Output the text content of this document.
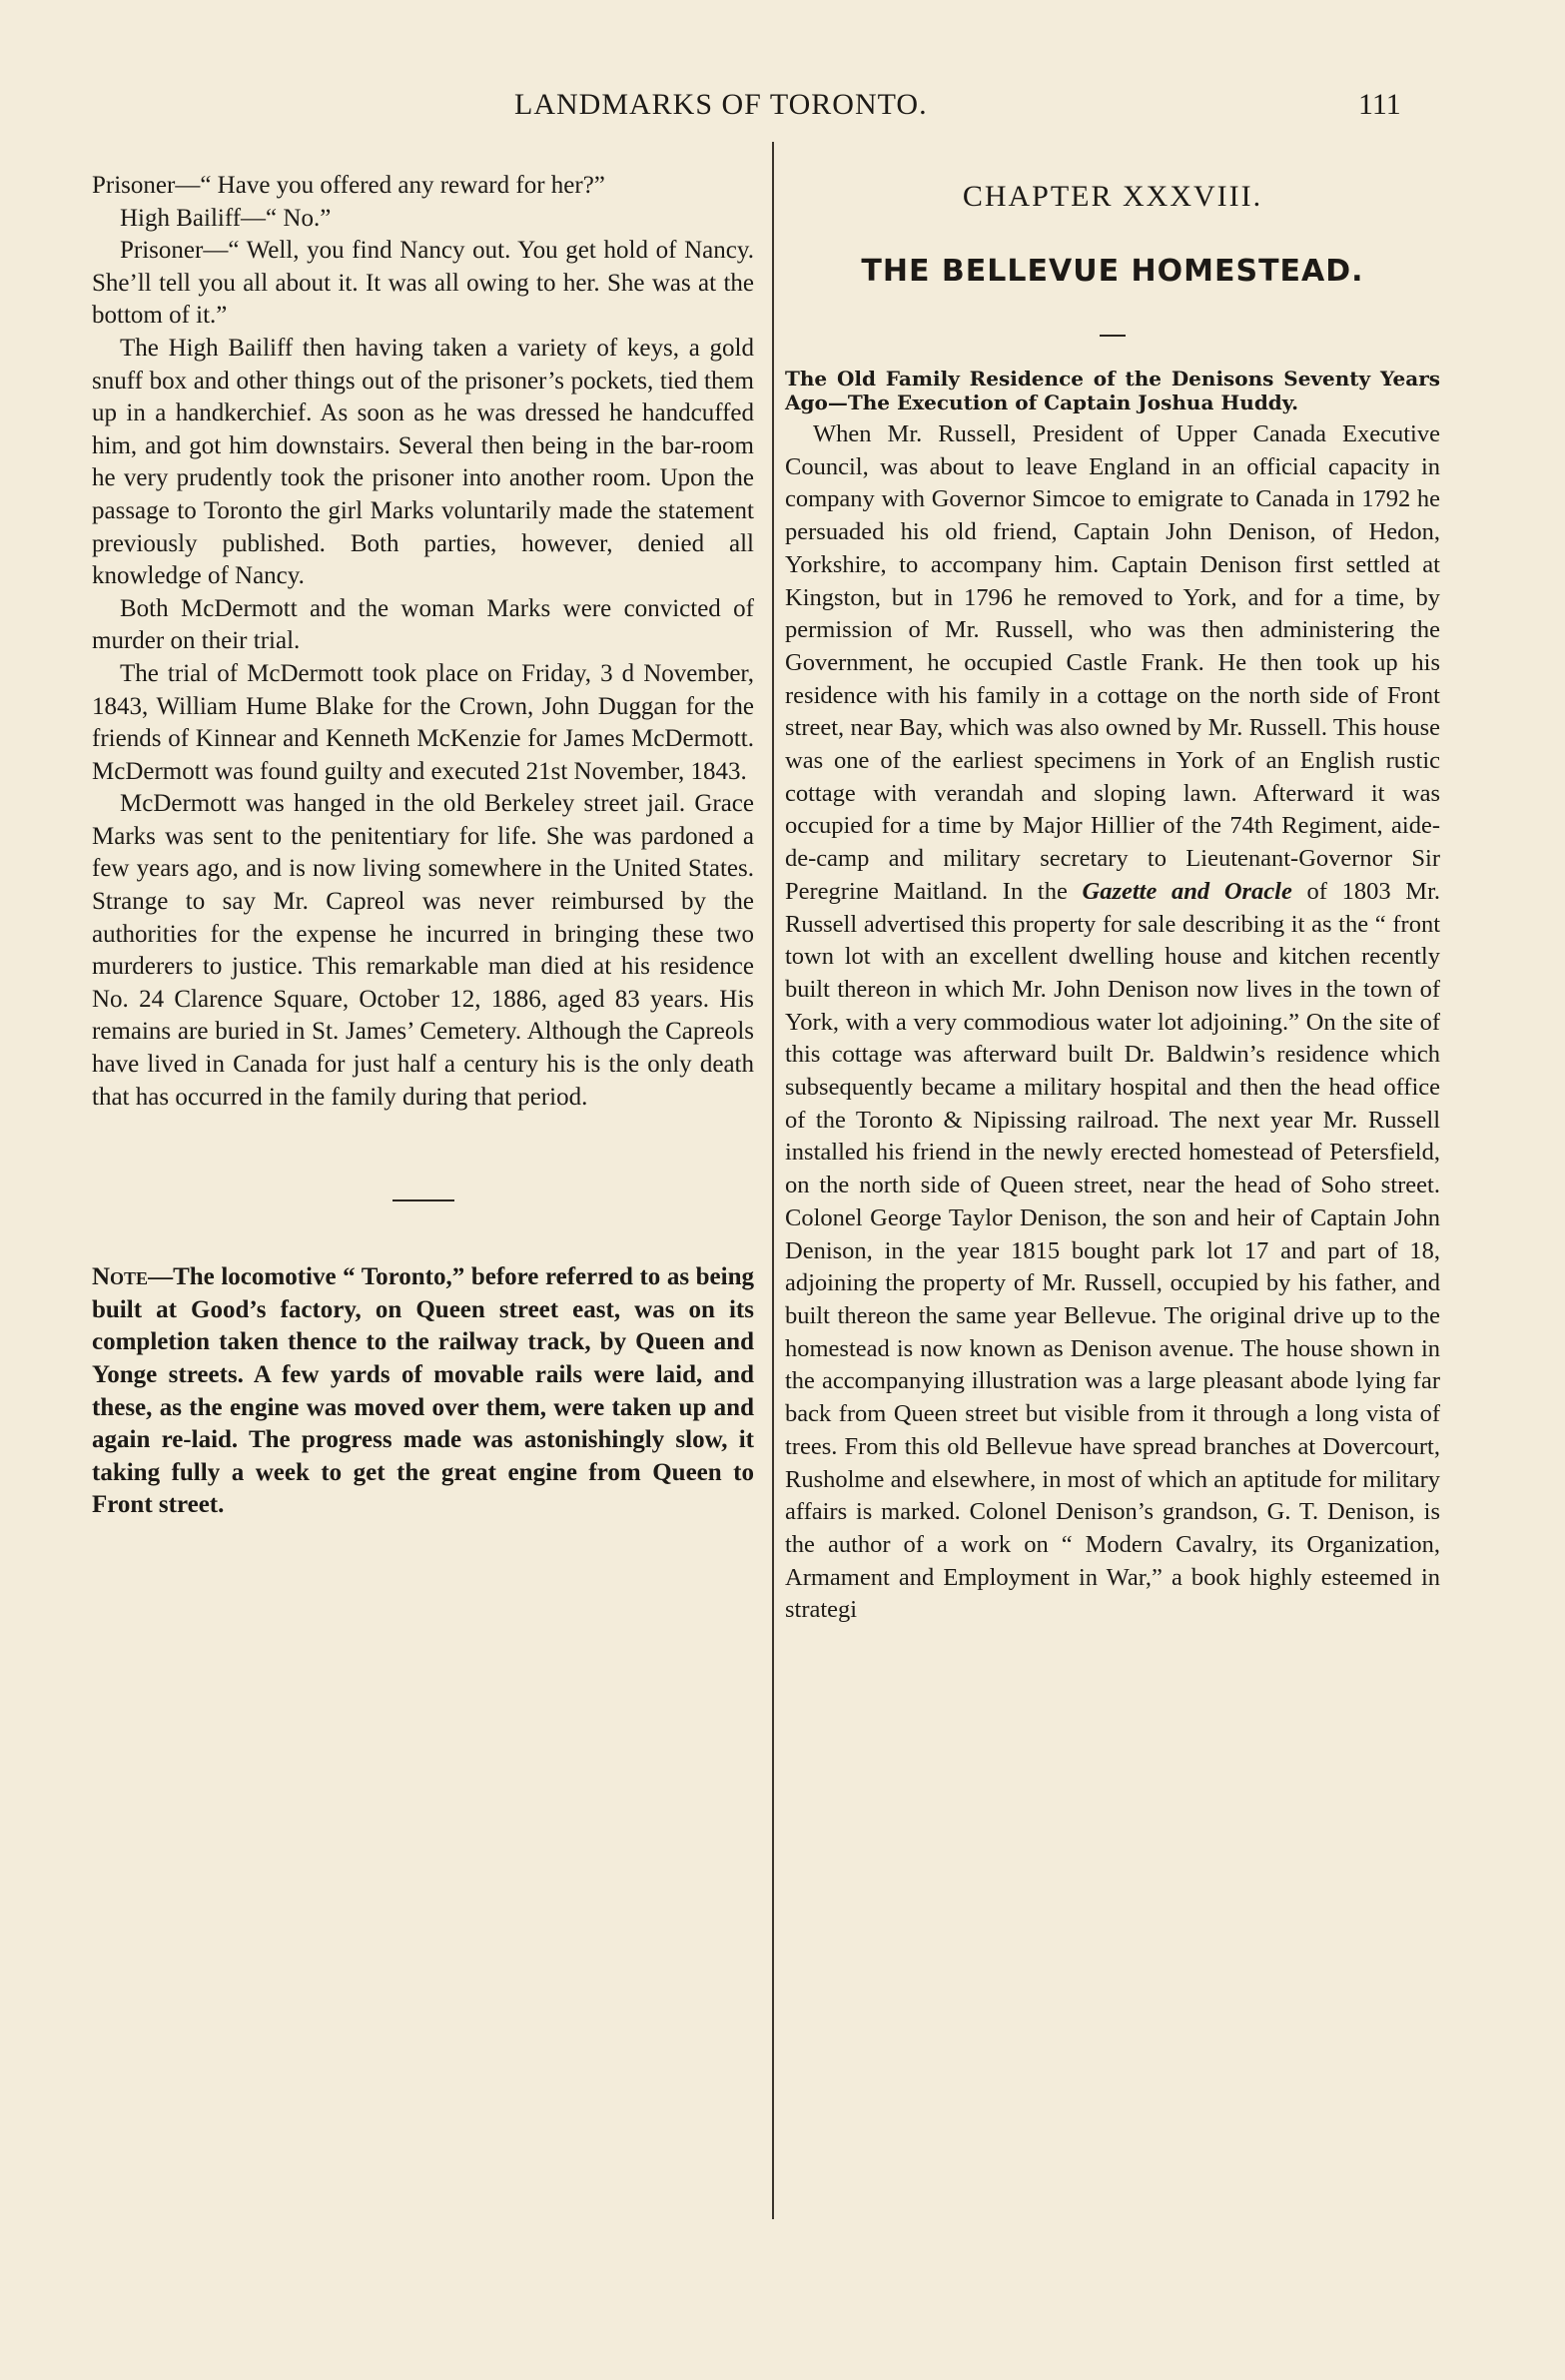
LANDMARKS OF TORONTO.	111

Prisoner—“ Have you offered any reward for her?”

High Bailiff—“ No.”

Prisoner—“ Well, you find Nancy out. You get hold of Nancy. She’ll tell you all about it. It was all owing to her. She was at the bottom of it.”

The High Bailiff then having taken a variety of keys, a gold snuff box and other things out of the prisoner’s pockets, tied them up in a handkerchief. As soon as he was dressed he handcuffed him, and got him downstairs. Several then being in the bar-room he very prudently took the prisoner into another room. Upon the passage to Toronto the girl Marks voluntarily made the statement previously published. Both parties, however, denied all knowledge of Nancy.

Both McDermott and the woman Marks were convicted of murder on their trial.

The trial of McDermott took place on Friday, 3 d November, 1843, William Hume Blake for the Crown, John Duggan for the friends of Kinnear and Kenneth McKenzie for James McDermott. McDermott was found guilty and executed 21st November, 1843.

McDermott was hanged in the old Berkeley street jail. Grace Marks was sent to the penitentiary for life. She was pardoned a few years ago, and is now living somewhere in the United States. Strange to say Mr. Capreol was never reimbursed by the authorities for the expense he incurred in bringing these two murderers to justice. This remarkable man died at his residence No. 24 Clarence Square, October 12, 1886, aged 83 years. His remains are buried in St. James’ Cemetery. Although the Capreols have lived in Canada for just half a century his is the only death that has occurred in the family during that period.

Note—The locomotive “ Toronto,” before referred to as being built at Good’s factory, on Queen street east, was on its completion taken thence to the railway track, by Queen and Yonge streets. A few yards of movable rails were laid, and these, as the engine was moved over them, were taken up and again re-laid. The progress made was astonishingly slow, it taking fully a week to get the great engine from Queen to Front street.

CHAPTER XXXVIII.

THE BELLEVUE HOMESTEAD.

The Old Family Residence of the Denisons Seventy Years Ago—The Execution of Captain Joshua Huddy.

When Mr. Russell, President of Upper Canada Executive Council, was about to leave England in an official capacity in company with Governor Simcoe to emigrate to Canada in 1792 he persuaded his old friend, Captain John Denison, of Hedon, Yorkshire, to accompany him. Captain Denison first settled at Kingston, but in 1796 he removed to York, and for a time, by permission of Mr. Russell, who was then administering the Government, he occupied Castle Frank. He then took up his residence with his family in a cottage on the north side of Front street, near Bay, which was also owned by Mr. Russell. This house was one of the earliest specimens in York of an English rustic cottage with verandah and sloping lawn. Afterward it was occupied for a time by Major Hillier of the 74th Regiment, aide-de-camp and military secretary to Lieutenant-Governor Sir Peregrine Maitland. In the Gazette and Oracle of 1803 Mr. Russell advertised this property for sale describing it as the “ front town lot with an excellent dwelling house and kitchen recently built thereon in which Mr. John Denison now lives in the town of York, with a very commodious water lot adjoining.” On the site of this cottage was afterward built Dr. Baldwin’s residence which subsequently became a military hospital and then the head office of the Toronto & Nipissing railroad. The next year Mr. Russell installed his friend in the newly erected homestead of Petersfield, on the north side of Queen street, near the head of Soho street. Colonel George Taylor Denison, the son and heir of Captain John Denison, in the year 1815 bought park lot 17 and part of 18, adjoining the property of Mr. Russell, occupied by his father, and built thereon the same year Bellevue. The original drive up to the homestead is now known as Denison avenue. The house shown in the accompanying illustration was a large pleasant abode lying far back from Queen street but visible from it through a long vista of trees. From this old Bellevue have spread branches at Dovercourt, Rusholme and elsewhere, in most of which an aptitude for military affairs is marked. Colonel Denison’s grandson, G. T. Denison, is the author of a work on “ Modern Cavalry, its Organization, Armament and Employment in War,” a book highly esteemed in strategi
